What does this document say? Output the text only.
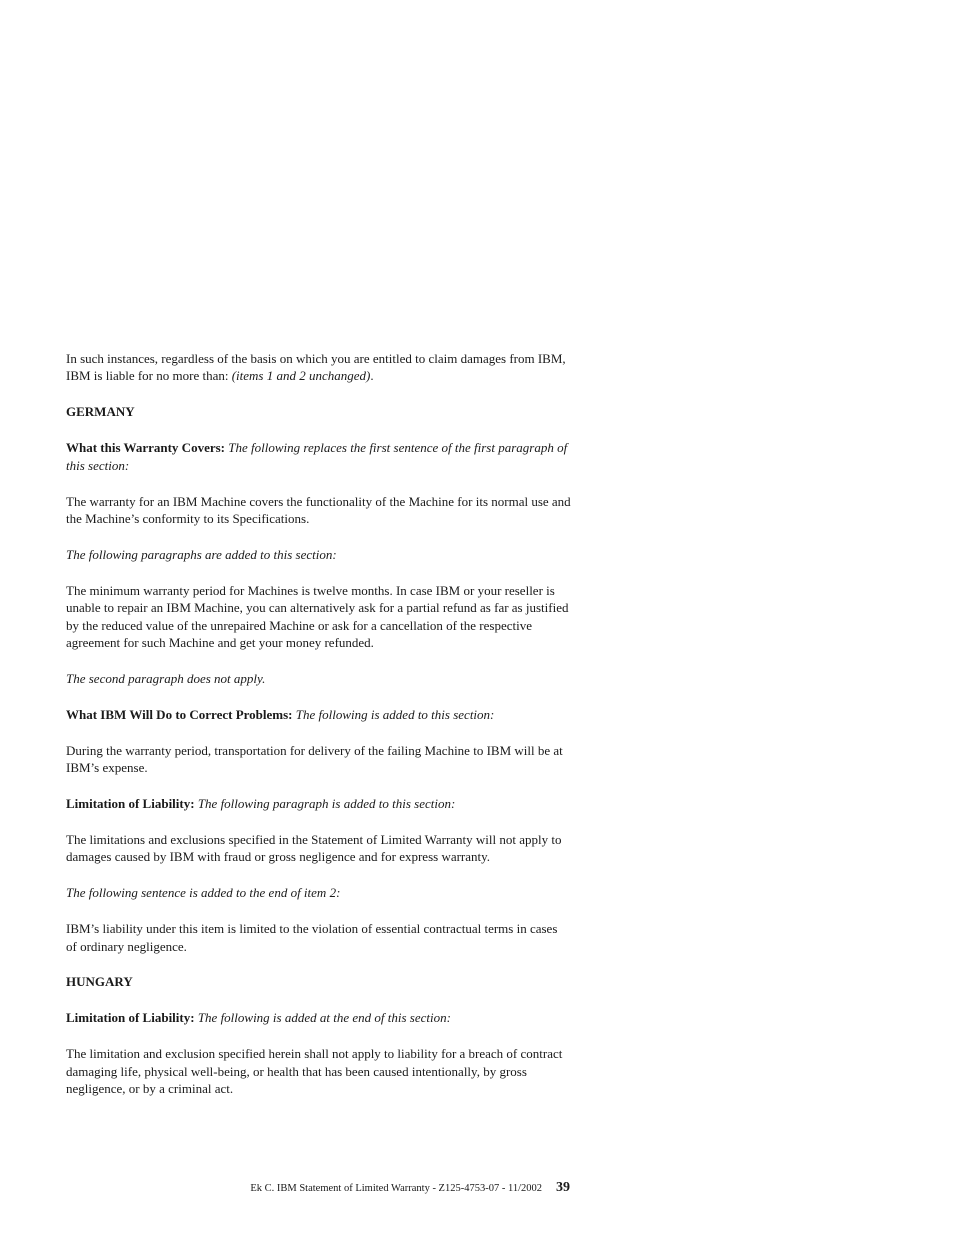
In such instances, regardless of the basis on which you are entitled to claim damages from IBM, IBM is liable for no more than: (items 1 and 2 unchanged).

GERMANY

What this Warranty Covers: The following replaces the first sentence of the first paragraph of this section:

The warranty for an IBM Machine covers the functionality of the Machine for its normal use and the Machine’s conformity to its Specifications.

The following paragraphs are added to this section:

The minimum warranty period for Machines is twelve months. In case IBM or your reseller is unable to repair an IBM Machine, you can alternatively ask for a partial refund as far as justified by the reduced value of the unrepaired Machine or ask for a cancellation of the respective agreement for such Machine and get your money refunded.

The second paragraph does not apply.

What IBM Will Do to Correct Problems: The following is added to this section:

During the warranty period, transportation for delivery of the failing Machine to IBM will be at IBM’s expense.

Limitation of Liability: The following paragraph is added to this section:

The limitations and exclusions specified in the Statement of Limited Warranty will not apply to damages caused by IBM with fraud or gross negligence and for express warranty.

The following sentence is added to the end of item 2:

IBM’s liability under this item is limited to the violation of essential contractual terms in cases of ordinary negligence.

HUNGARY

Limitation of Liability: The following is added at the end of this section:

The limitation and exclusion specified herein shall not apply to liability for a breach of contract damaging life, physical well-being, or health that has been caused intentionally, by gross negligence, or by a criminal act.

Ek C. IBM Statement of Limited Warranty - Z125-4753-07 - 11/2002 39
